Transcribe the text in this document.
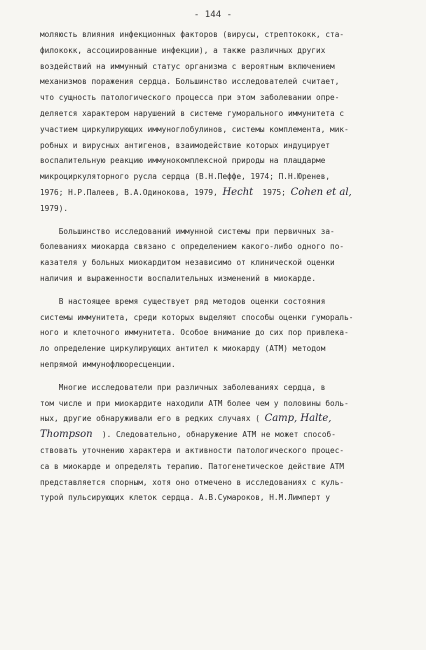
- 144 -
моляюсть влияния инфекционных факторов (вирусы, стрептококк, ста-
филококк, ассоциированные инфекции), а также различных других
воздействий на иммунный статус организма с вероятным включением
механизмов поражения сердца. Большинство исследователей считает,
что сущность патологического процесса при этом заболевании опре-
деляется характером нарушений в системе гуморального иммунитета с
участием циркулирующих иммуноглобулинов, системы комплемента, мик-
робных и вирусных антигенов, взаимодействие которых индуцирует
воспалительную реакцию иммунокомплексной природы на плацдарме
микроциркуляторного русла сердца (В.Н.Пеффе, 1974; П.Н.Юренев,
1976; Н.Р.Палеев, В.А.Одинокова, 1979, Hecht  1975; Cohen et al,
1979).
Большинство исследований иммунной системы при первичных за-
болеваниях миокарда связано с определением какого-либо одного по-
казателя у больных миокардитом независимо от клинической оценки
наличия и выраженности воспалительных изменений в миокарде.
В настоящее время существует ряд методов оценки состояния
системы иммунитета, среди которых выделяют способы оценки гумораль-
ного и клеточного иммунитета. Особое внимание до сих пор привлека-
ло определение циркулирующих антител к миокарду (АТМ) методом
непрямой иммунофлюоресценции.
Многие исследователи при различных заболеваниях сердца, в
том числе и при миокардите находили АТМ более чем у половины боль-
ных, другие обнаруживали его в редких случаях ( Camp, Halte,
Thompson  ). Следовательно, обнаружение АТМ не может способ-
ствовать уточнению характера и активности патологического процес-
са в миокарде и определять терапию. Патогенетическое действие АТМ
представляется спорным, хотя оно отмечено в исследованиях с куль-
турой пульсирующих клеток сердца. А.В.Сумароков, Н.М.Лимперт у
